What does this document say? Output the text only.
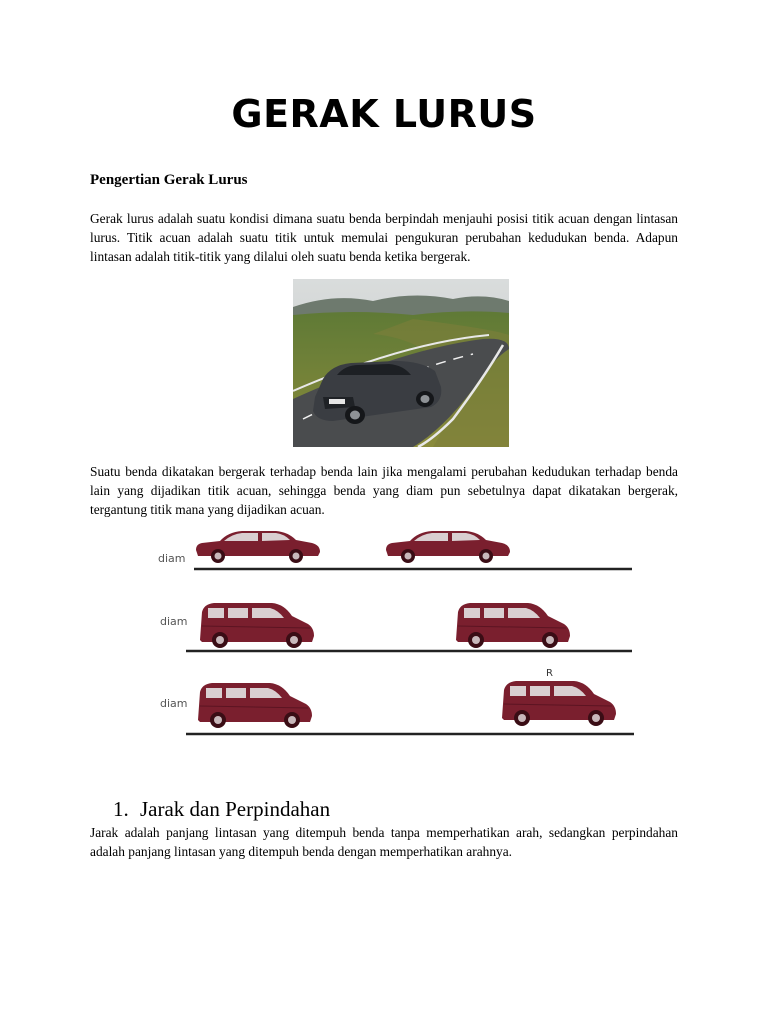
GERAK LURUS
Pengertian Gerak Lurus

Gerak lurus adalah suatu kondisi dimana suatu benda berpindah menjauhi posisi titik acuan dengan lintasan lurus. Titik acuan adalah suatu titik untuk memulai pengukuran perubahan kedudukan benda. Adapun lintasan adalah titik-titik yang dilalui oleh suatu benda ketika bergerak.

Suatu benda dikatakan bergerak terhadap benda lain jika mengalami perubahan kedudukan terhadap benda lain yang dijadikan titik acuan, sehingga benda yang diam pun sebetulnya dapat dikatakan bergerak, tergantung titik mana yang dijadikan acuan.

diam
diam
diam
R
1. Jarak dan Perpindahan

Jarak adalah panjang lintasan yang ditempuh benda tanpa memperhatikan arah, sedangkan perpindahan adalah panjang lintasan yang ditempuh benda dengan memperhatikan arahnya.
